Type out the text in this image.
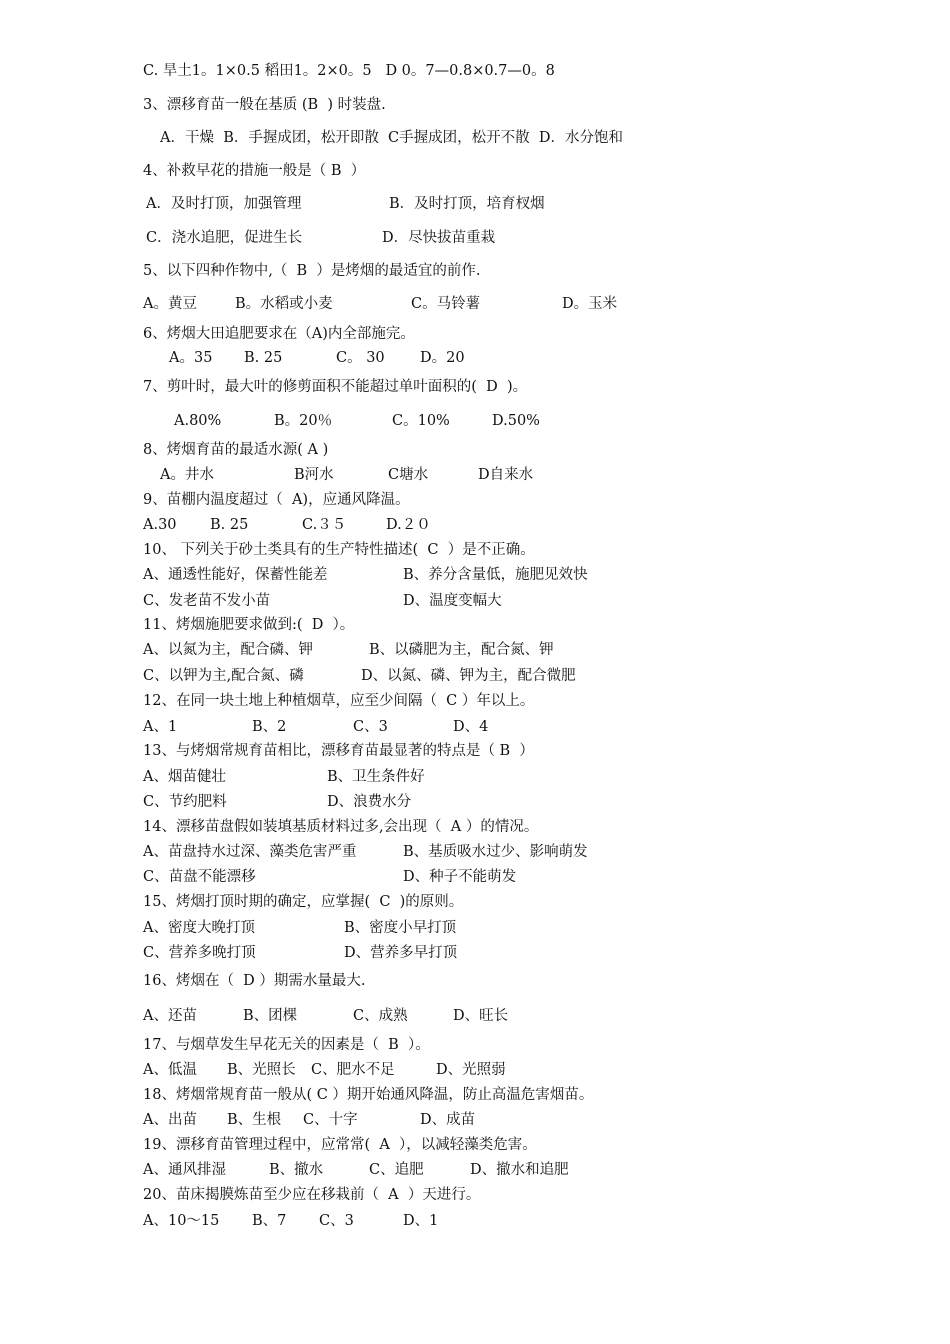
C. 旱土1。1×0.5 稻田1。2×0。5   D 0。7—0.8×0.7—0。8
3、漂移育苗一般在基质 (B  ) 时装盘.
A．干燥  B．手握成团，松开即散  C手握成团，松开不散  D．水分饱和
4、补救早花的措施一般是（ B  ）

A．及时打顶，加强管理

	B．及时打顶，培育杈烟

C．浇水追肥，促进生长

	D．尽快拔苗重栽

5、以下四种作物中,（  B  ）是烤烟的最适宜的前作.

A。黄豆

	B。水稻或小麦

	C。马铃薯

	D。玉米

6、烤烟大田追肥要求在（A)内全部施完。

A。35

B. 25

	C。 30

D。20

7、剪叶时，最大叶的修剪面积不能超过单叶面积的(  D  )。

A.80%

	B。20％

	C。10%

	D.50%

8、烤烟育苗的最适水源( A )

A。井水

	B河水

	C塘水

	D自来水

9、苗棚内温度超过（  A)，应通风降温。

A.30

B. 25

	C.３５

	D.２０

10、 下列关于砂土类具有的生产特性描述(  C  ）是不正确。

A、通透性能好，保蓄性能差

	B、养分含量低，施肥见效快

C、发老苗不发小苗

	D、温度变幅大

11、烤烟施肥要求做到:(  D  ）。

A、以氮为主，配合磷、钾

	B、以磷肥为主，配合氮、钾

C、以钾为主,配合氮、磷

	D、以氮、磷、钾为主，配合微肥

12、在同一块土地上种植烟草，应至少间隔（  C ）年以上。

A、1

	B、2

	C、3

	D、4

13、与烤烟常规育苗相比，漂移育苗最显著的特点是（ B  ）

A、烟苗健壮

	B、卫生条件好

C、节约肥料

	D、浪费水分

14、漂移苗盘假如装填基质材料过多,会出现（  A ）的情况。

A、苗盘持水过深、藻类危害严重

	B、基质吸水过少、影响萌发

C、苗盘不能漂移

	D、种子不能萌发

15、烤烟打顶时期的确定，应掌握(  C  )的原则。

A、密度大晚打顶

	B、密度小早打顶

C、营养多晚打顶

	D、营养多早打顶

16、烤烟在（  D ）期需水量最大.

A、还苗

	B、团棵

	C、成熟

	D、旺长

17、与烟草发生早花无关的因素是（  B  ）。

A、低温

B、光照长

C、肥水不足

	D、光照弱

18、烤烟常规育苗一般从( C ）期开始通风降温，防止高温危害烟苗。

A、出苗

B、生根

C、十字

	D、成苗

19、漂移育苗管理过程中，应常常(  A  ），以减轻藻类危害。

A、通风排湿

	B、撤水

	C、追肥

	D、撤水和追肥

20、苗床揭膜炼苗至少应在移栽前（  A  ）天进行。

A、10～15

B、7

C、3

	D、1
